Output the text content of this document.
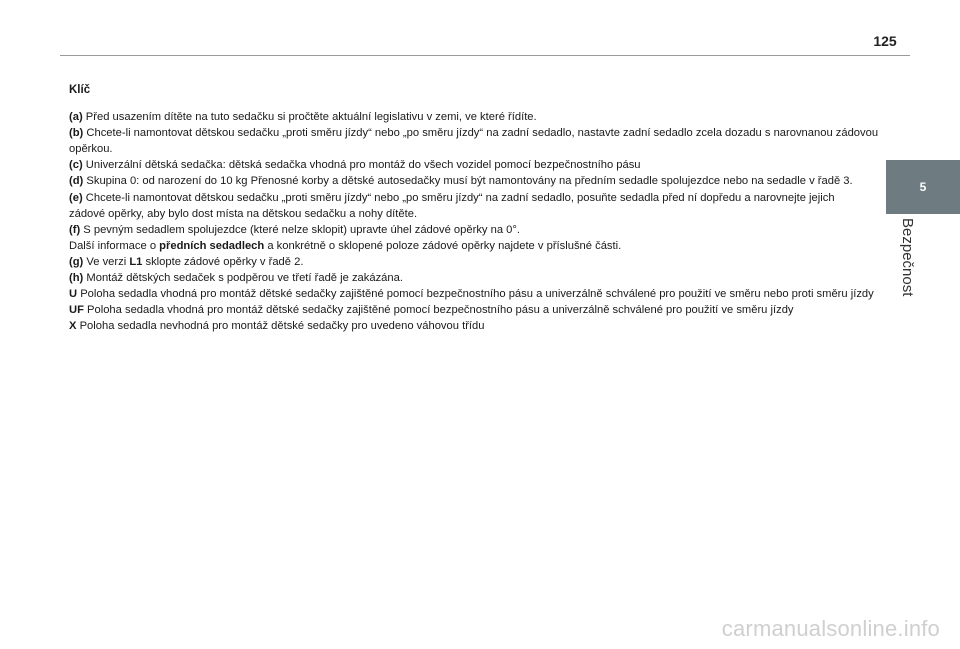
125
5
Bezpečnost

Klíč

(a) Před usazením dítěte na tuto sedačku si pročtěte aktuální legislativu v zemi, ve které řídíte.

(b) Chcete-li namontovat dětskou sedačku „proti směru jízdy“ nebo „po směru jízdy“ na zadní sedadlo, nastavte zadní sedadlo zcela dozadu s narovnanou zádovou opěrkou.

(c) Univerzální dětská sedačka: dětská sedačka vhodná pro montáž do všech vozidel pomocí bezpečnostního pásu

(d) Skupina 0: od narození do 10 kg Přenosné korby a dětské autosedačky musí být namontovány na předním sedadle spolujezdce nebo na sedadle v řadě 3.

(e) Chcete-li namontovat dětskou sedačku „proti směru jízdy“ nebo „po směru jízdy“ na zadní sedadlo, posuňte sedadla před ní dopředu a narovnejte jejich zádové opěrky, aby bylo dost místa na dětskou sedačku a nohy dítěte.

(f) S pevným sedadlem spolujezdce (které nelze sklopit) upravte úhel zádové opěrky na 0°.

Další informace o předních sedadlech a konkrétně o sklopené poloze zádové opěrky najdete v příslušné části.

(g) Ve verzi L1 sklopte zádové opěrky v řadě 2.

(h) Montáž dětských sedaček s podpěrou ve třetí řadě je zakázána.

U Poloha sedadla vhodná pro montáž dětské sedačky zajištěné pomocí bezpečnostního pásu a univerzálně schválené pro použití ve směru nebo proti směru jízdy

UF Poloha sedadla vhodná pro montáž dětské sedačky zajištěné pomocí bezpečnostního pásu a univerzálně schválené pro použití ve směru jízdy

X Poloha sedadla nevhodná pro montáž dětské sedačky pro uvedeno váhovou třídu

carmanualsonline.info
